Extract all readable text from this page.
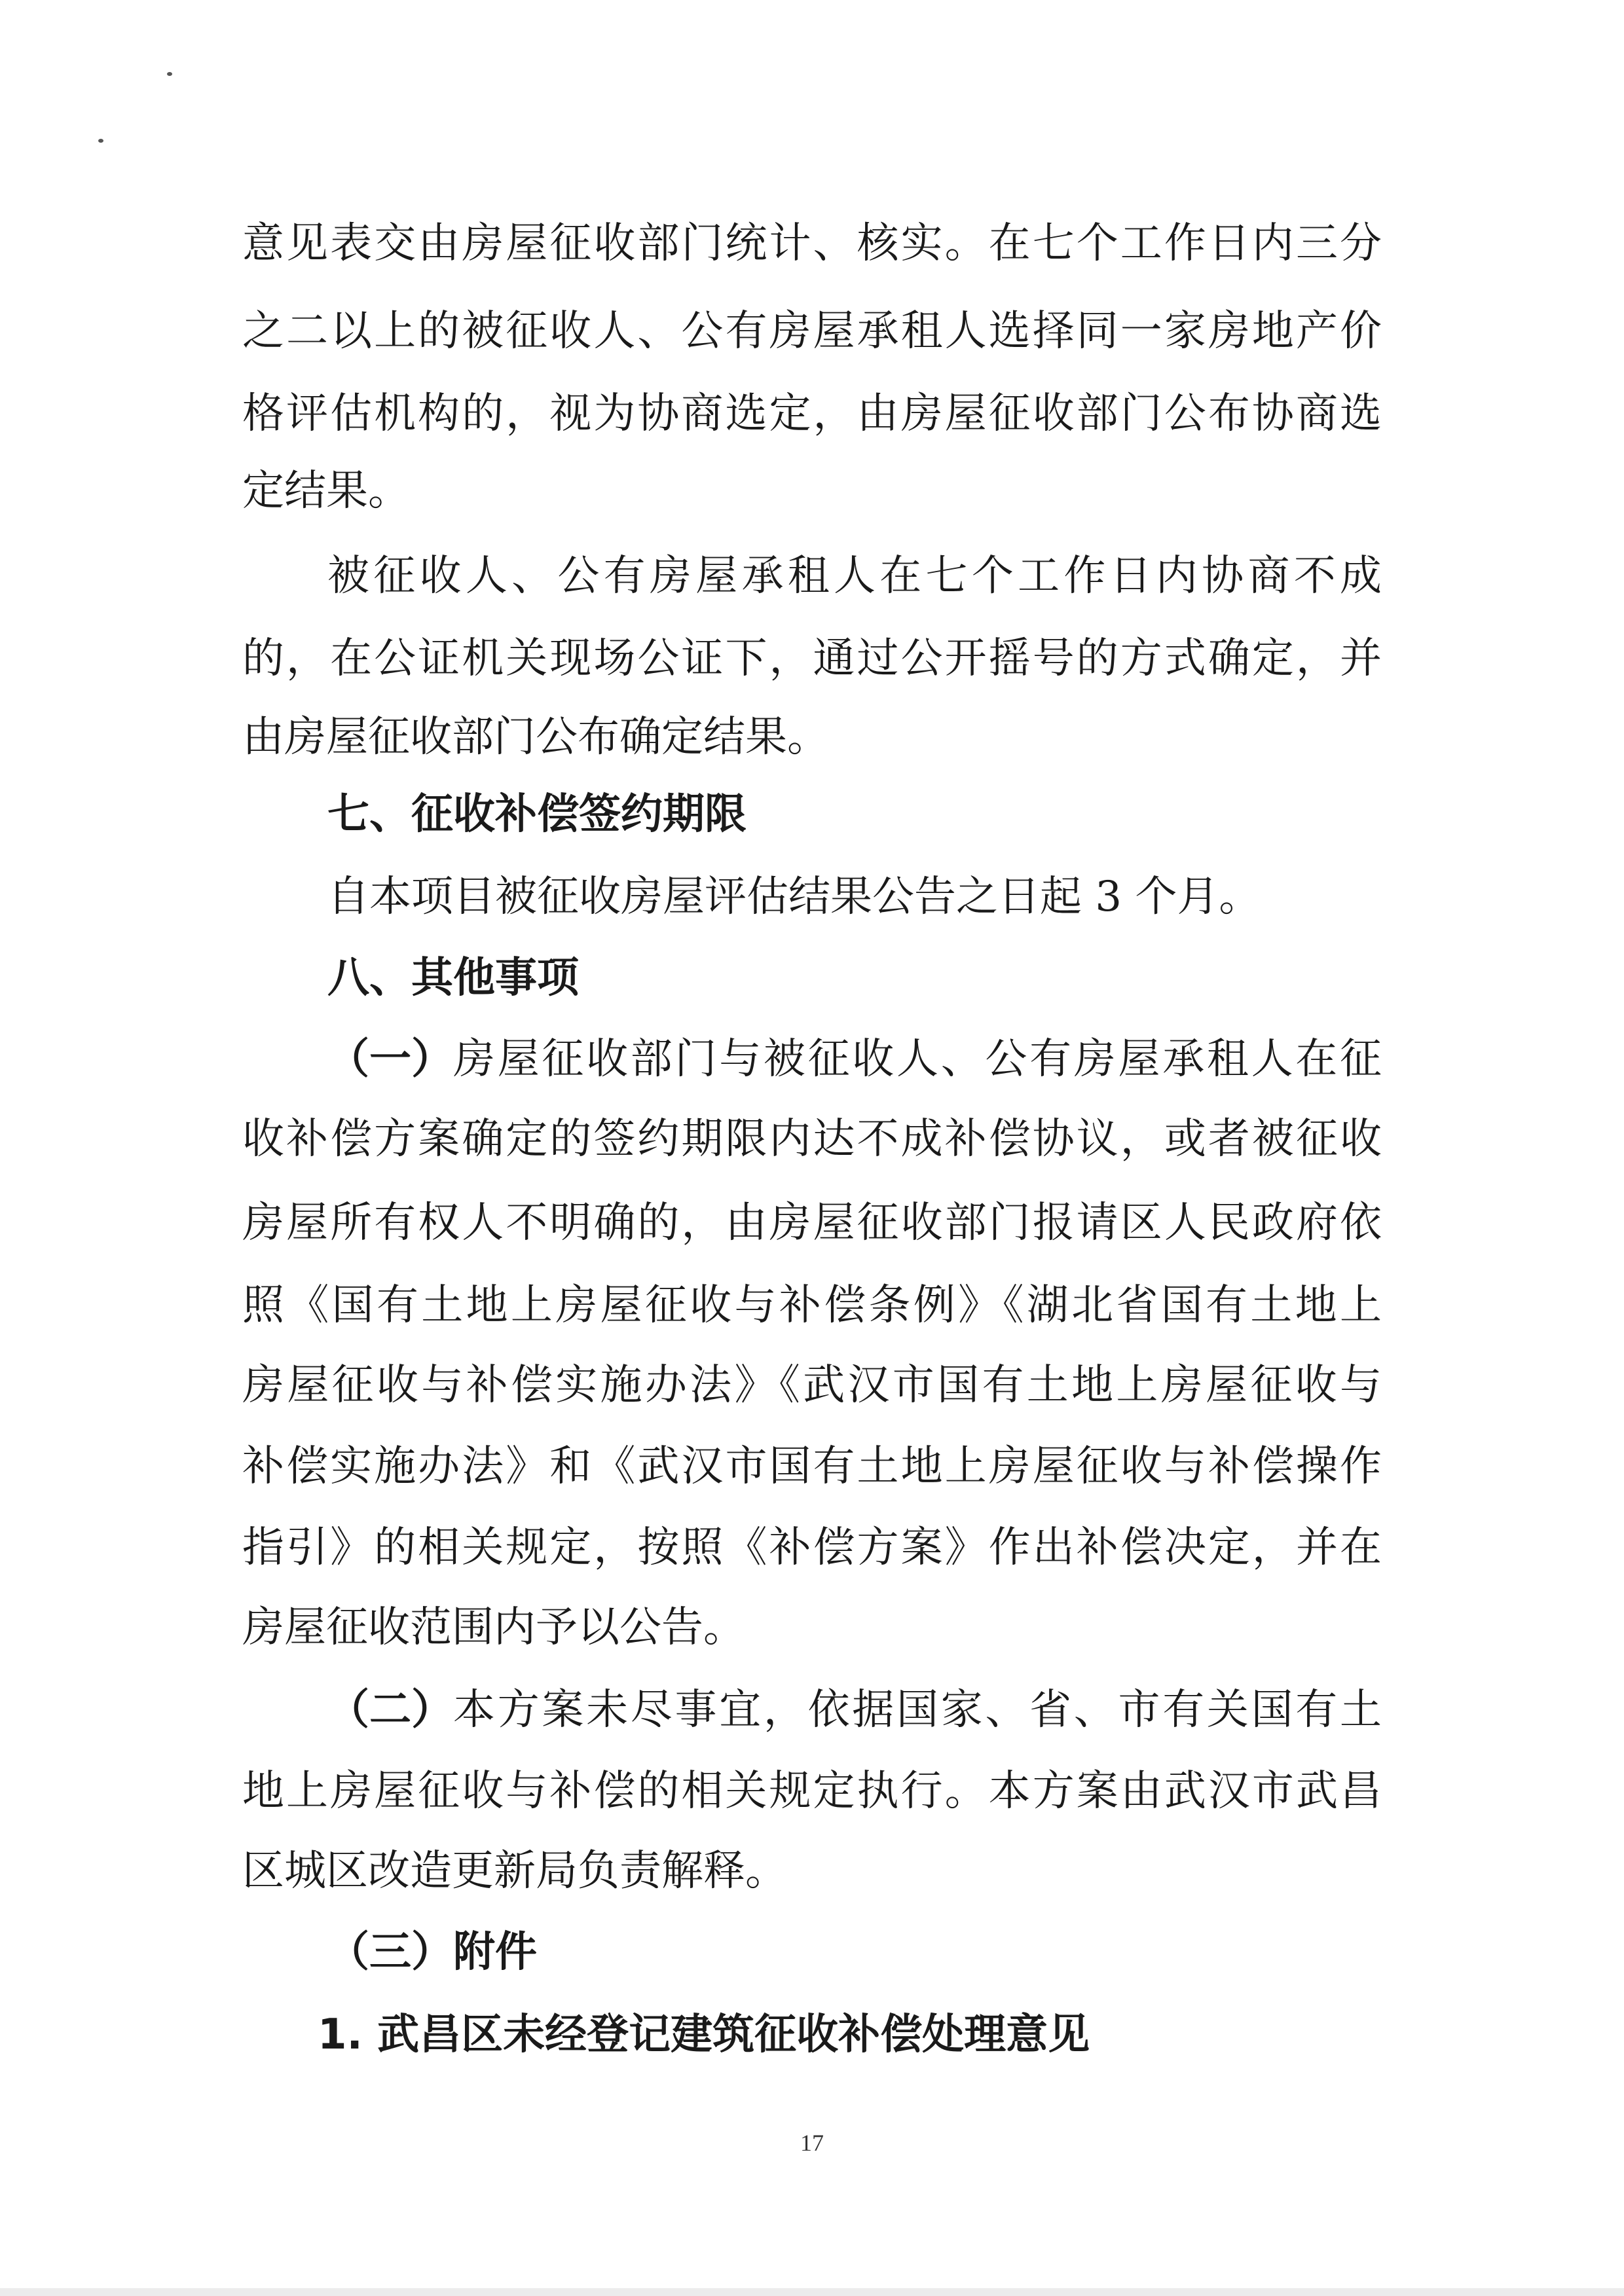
意见表交由房屋征收部门统计、核实。在七个工作日内三分
之二以上的被征收人、公有房屋承租人选择同一家房地产价
格评估机构的，视为协商选定，由房屋征收部门公布协商选
定结果。
被征收人、公有房屋承租人在七个工作日内协商不成
的，在公证机关现场公证下，通过公开摇号的方式确定，并
由房屋征收部门公布确定结果。
七、征收补偿签约期限
自本项目被征收房屋评估结果公告之日起 3 个月。
八、其他事项
（一） 房屋征收部门与被征收人、公有房屋承租人在征
收补偿方案确定的签约期限内达不成补偿协议，或者被征收
房屋所有权人不明确的，由房屋征收部门报请区人民政府依
照《国有土地上房屋征收与补偿条例》《湖北省国有土地上
房屋征收与补偿实施办法》《武汉市国有土地上房屋征收与
补偿实施办法》和《武汉市国有土地上房屋征收与补偿操作
指引》的相关规定，按照《补偿方案》作出补偿决定，并在
房屋征收范围内予以公告。
（二） 本方案未尽事宜，依据国家、省、市有关国有土
地上房屋征收与补偿的相关规定执行。本方案由武汉市武昌
区城区改造更新局负责解释。
（三）附件
1. 武昌区未经登记建筑征收补偿处理意见
17
